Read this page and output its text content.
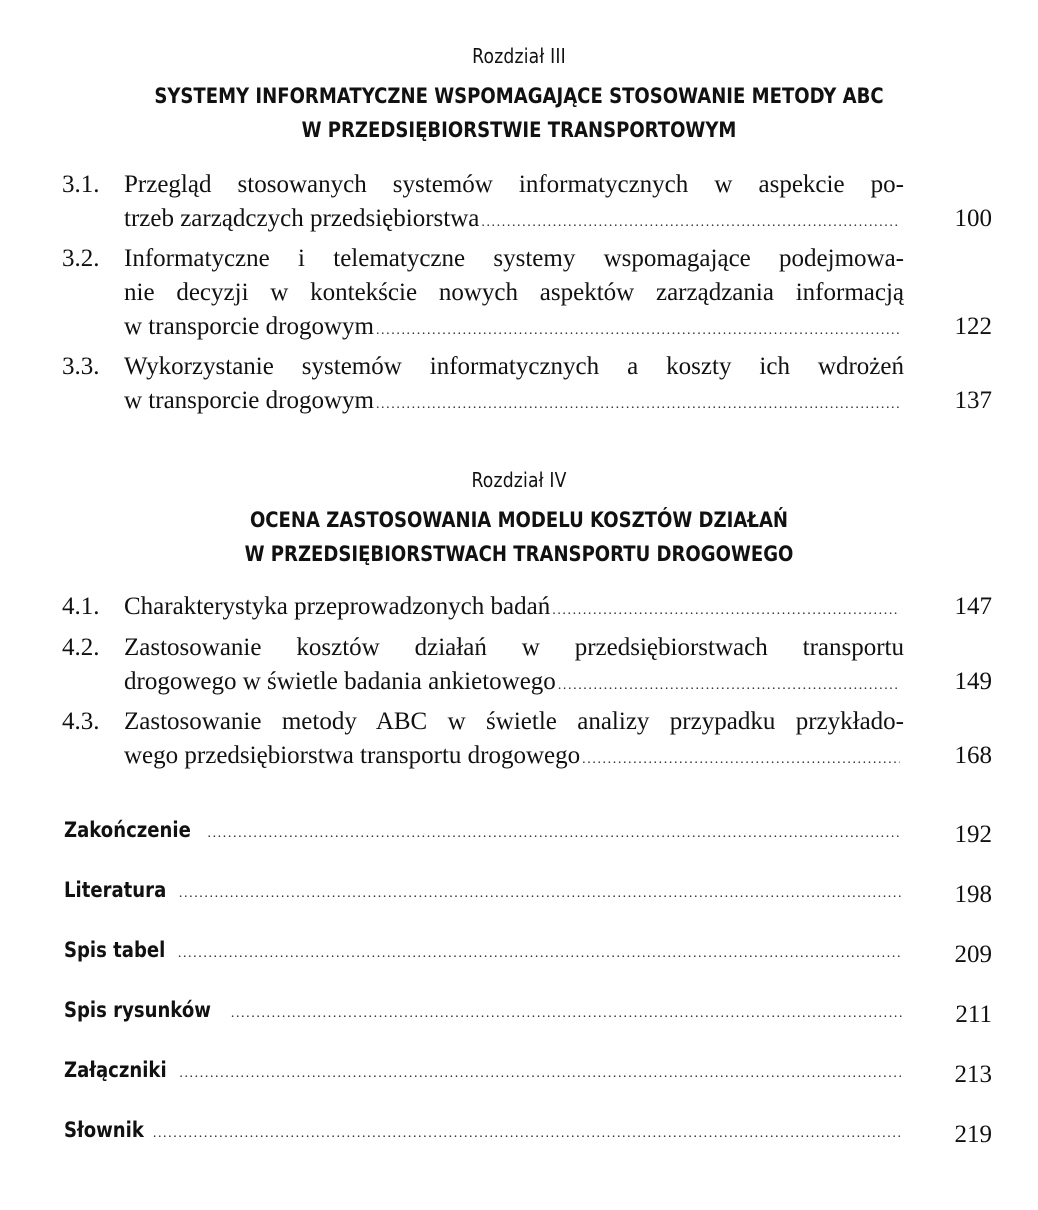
Rozdział III
SYSTEMY INFORMATYCZNE WSPOMAGAJĄCE STOSOWANIE METODY ABC
W PRZEDSIĘBIORSTWIE TRANSPORTOWYM
3.1. Przegląd stosowanych systemów informatycznych w aspekcie po-
trzeb zarządczych przedsiębiorstwa .....	100
3.2. Informatyczne i telematyczne systemy wspomagające podejmowa-
nie decyzji w kontekście nowych aspektów zarządzania informacją
w transporcie drogowym .....	122
3.3. Wykorzystanie systemów informatycznych a koszty ich wdrożeń
w transporcie drogowym .....	137
Rozdział IV
OCENA ZASTOSOWANIA MODELU KOSZTÓW DZIAŁAŃ
W PRZEDSIĘBIORSTWACH TRANSPORTU DROGOWEGO
4.1. Charakterystyka przeprowadzonych badań .....	147
4.2. Zastosowanie kosztów działań w przedsiębiorstwach transportu
drogowego w świetle badania ankietowego .....	149
4.3. Zastosowanie metody ABC w świetle analizy przypadku przykłado-
wego przedsiębiorstwa transportu drogowego .....	168
Zakończenie .....	192
Literatura .....	198
Spis tabel .....	209
Spis rysunków .....	211
Załączniki .....	213
Słownik .....	219
